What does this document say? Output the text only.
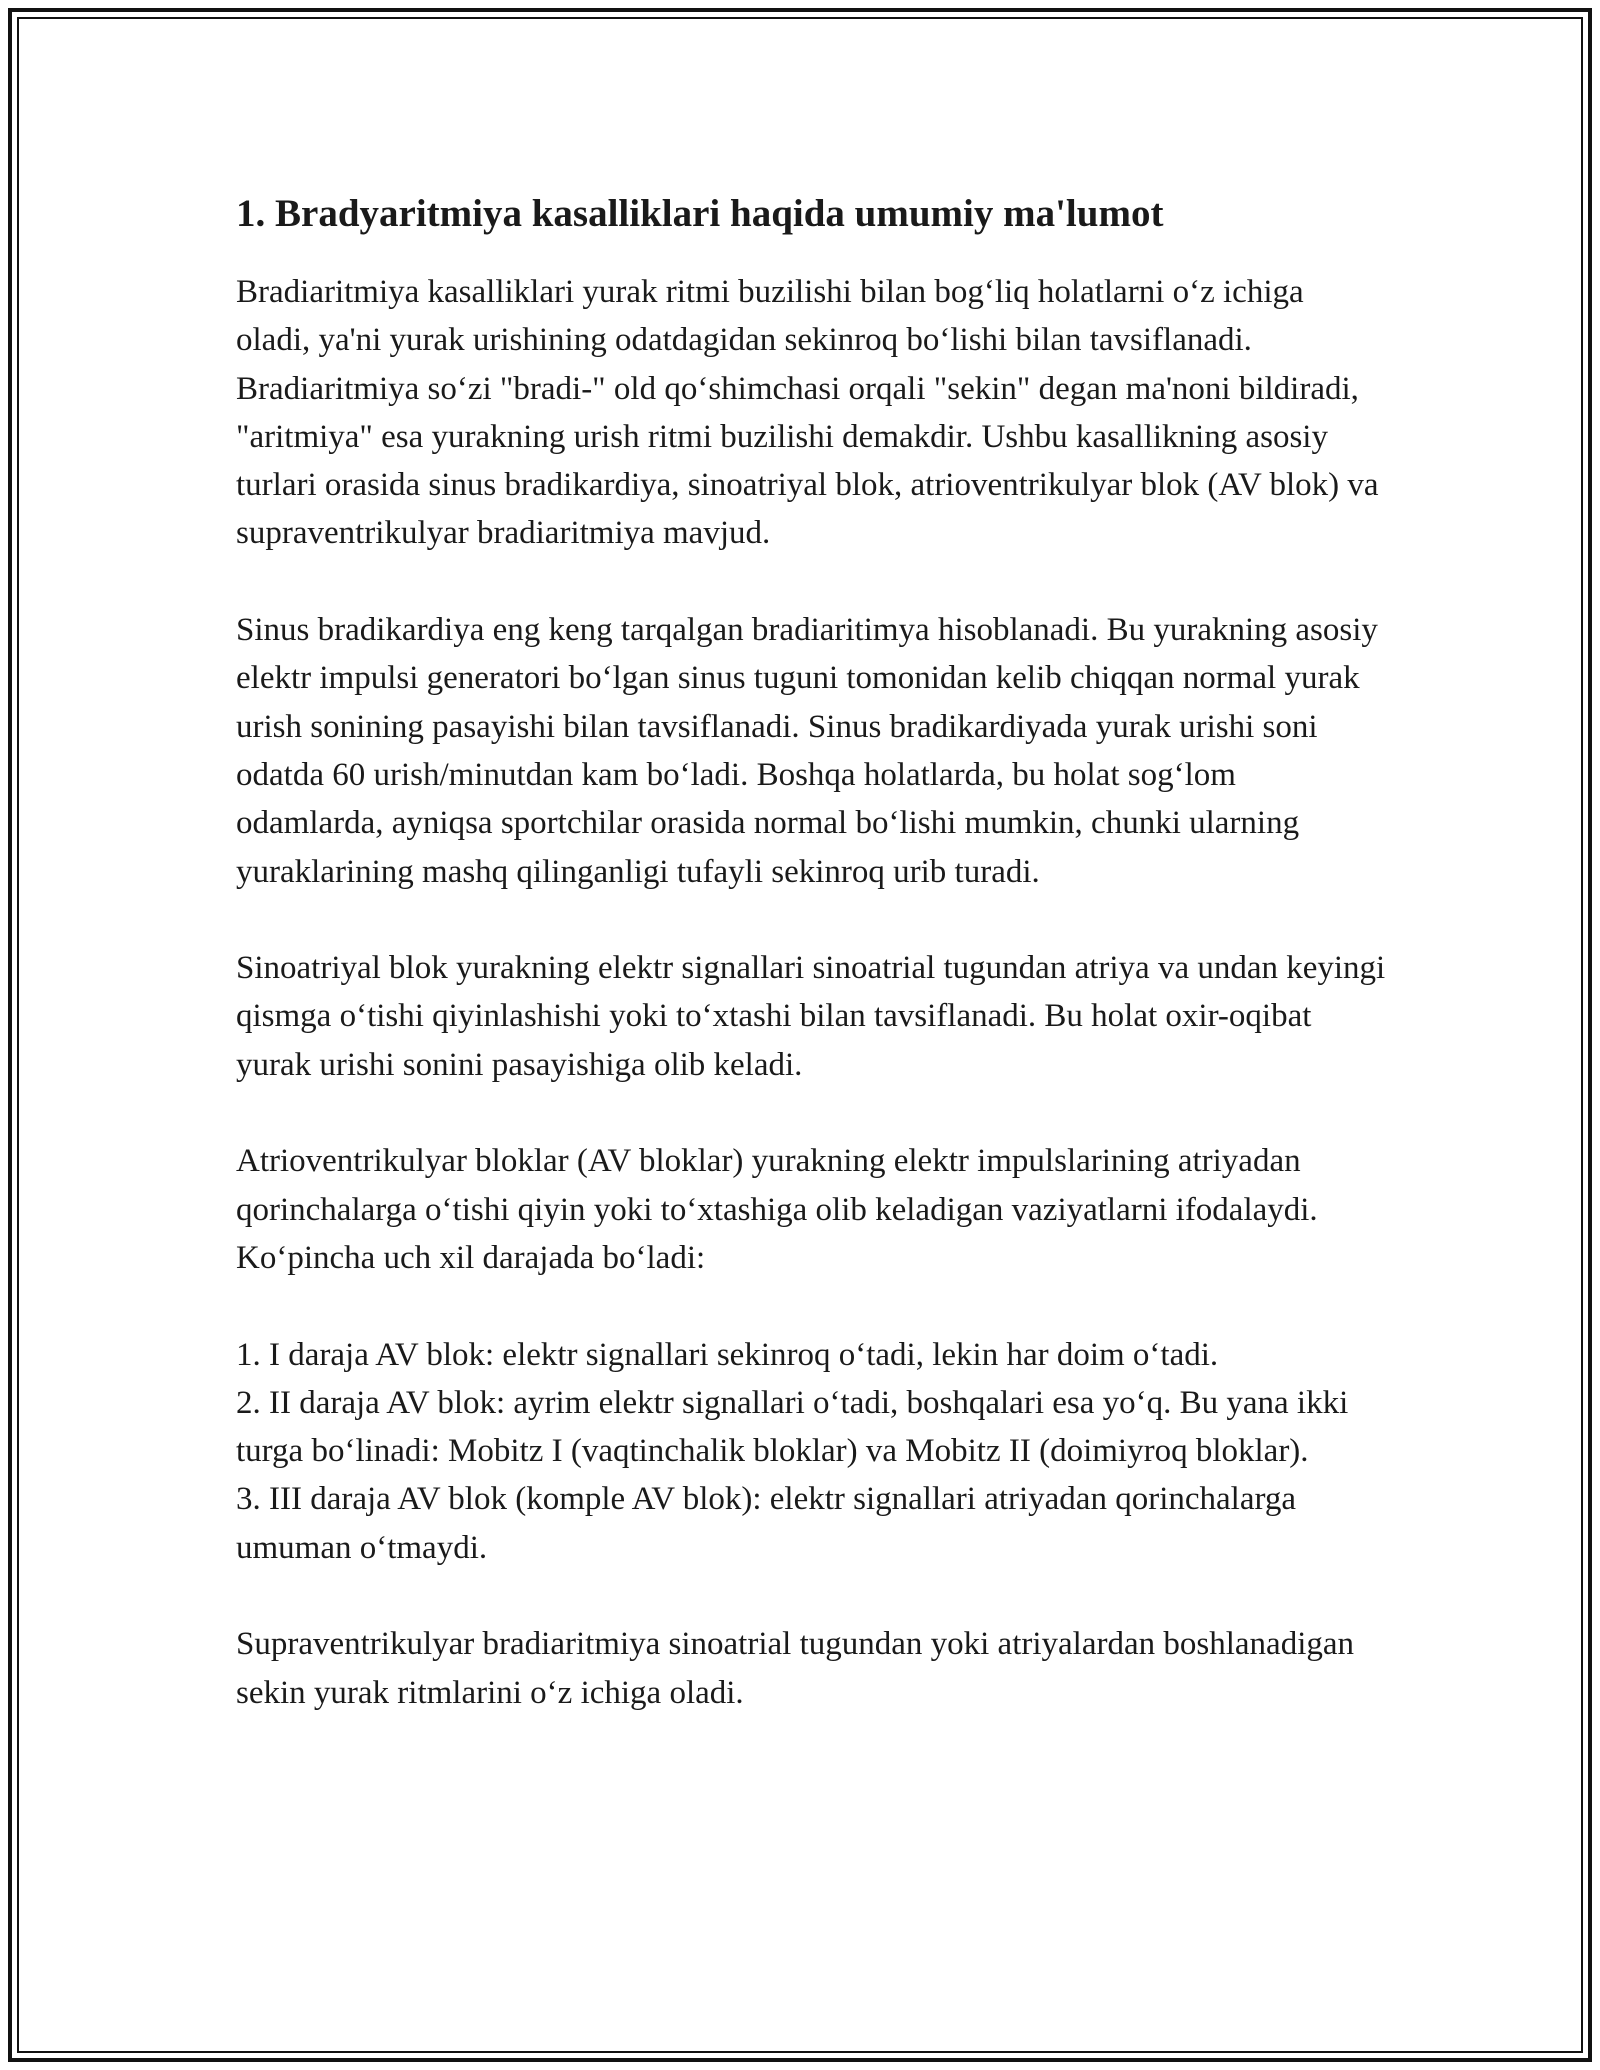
1. Bradyaritmiya kasalliklari haqida umumiy ma'lumot

Bradiaritmiya kasalliklari yurak ritmi buzilishi bilan bog‘liq holatlarni o‘z ichiga oladi, ya'ni yurak urishining odatdagidan sekinroq bo‘lishi bilan tavsiflanadi. Bradiaritmiya so‘zi "bradi-" old qo‘shimchasi orqali "sekin" degan ma'noni bildiradi, "aritmiya" esa yurakning urish ritmi buzilishi demakdir. Ushbu kasallikning asosiy turlari orasida sinus bradikardiya, sinoatriyal blok, atrioventrikulyar blok (AV blok) va supraventrikulyar bradiaritmiya mavjud.

Sinus bradikardiya eng keng tarqalgan bradiaritimya hisoblanadi. Bu yurakning asosiy elektr impulsi generatori bo‘lgan sinus tuguni tomonidan kelib chiqqan normal yurak urish sonining pasayishi bilan tavsiflanadi. Sinus bradikardiyada yurak urishi soni odatda 60 urish/minutdan kam bo‘ladi. Boshqa holatlarda, bu holat sog‘lom odamlarda, ayniqsa sportchilar orasida normal bo‘lishi mumkin, chunki ularning yuraklarining mashq qilinganligi tufayli sekinroq urib turadi.

Sinoatriyal blok yurakning elektr signallari sinoatrial tugundan atriya va undan keyingi qismga o‘tishi qiyinlashishi yoki to‘xtashi bilan tavsiflanadi. Bu holat oxir-oqibat yurak urishi sonini pasayishiga olib keladi.

Atrioventrikulyar bloklar (AV bloklar) yurakning elektr impulslarining atriyadan qorinchalarga o‘tishi qiyin yoki to‘xtashiga olib keladigan vaziyatlarni ifodalaydi. Ko‘pincha uch xil darajada bo‘ladi:

1. I daraja AV blok: elektr signallari sekinroq o‘tadi, lekin har doim o‘tadi.
2. II daraja AV blok: ayrim elektr signallari o‘tadi, boshqalari esa yo‘q. Bu yana ikki turga bo‘linadi: Mobitz I (vaqtinchalik bloklar) va Mobitz II (doimiyroq bloklar).
3. III daraja AV blok (komple AV blok): elektr signallari atriyadan qorinchalarga umuman o‘tmaydi.

Supraventrikulyar bradiaritmiya sinoatrial tugundan yoki atriyalardan boshlanadigan sekin yurak ritmlarini o‘z ichiga oladi.
